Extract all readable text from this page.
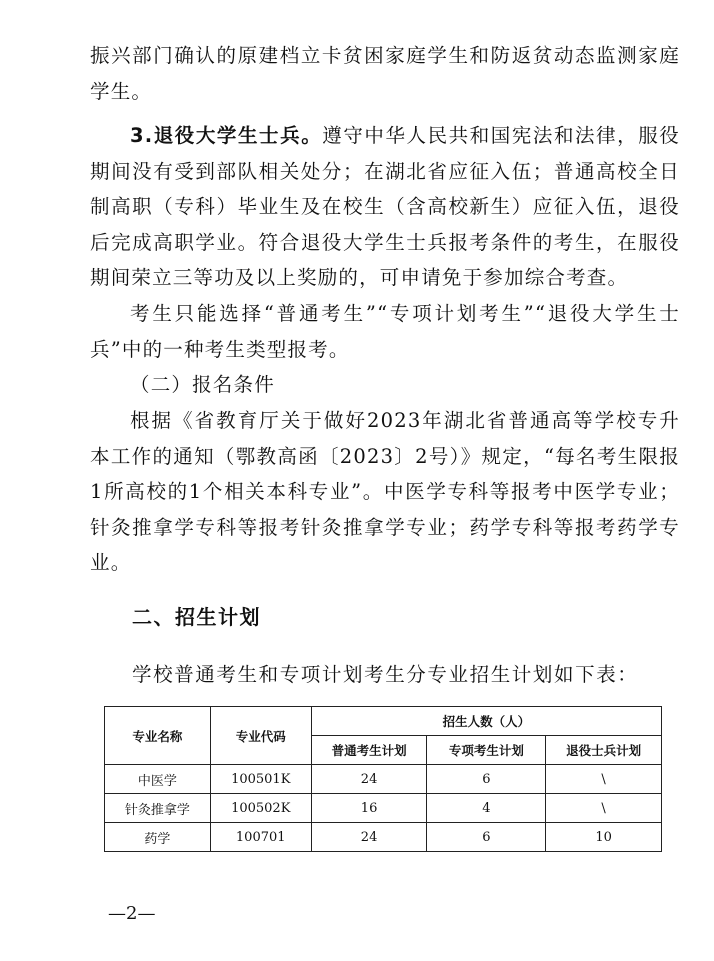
振兴部门确认的原建档立卡贫困家庭学生和防返贫动态监测家庭学生。

3.退役大学生士兵。遵守中华人民共和国宪法和法律，服役期间没有受到部队相关处分；在湖北省应征入伍；普通高校全日制高职（专科）毕业生及在校生（含高校新生）应征入伍，退役后完成高职学业。符合退役大学生士兵报考条件的考生，在服役期间荣立三等功及以上奖励的，可申请免于参加综合考查。

考生只能选择“普通考生”“专项计划考生”“退役大学生士兵”中的一种考生类型报考。

（二）报名条件

根据《省教育厅关于做好2023年湖北省普通高等学校专升本工作的通知（鄂教高函〔2023〕2号）》规定，“每名考生限报1所高校的1个相关本科专业”。中医学专科等报考中医学专业；针灸推拿学专科等报考针灸推拿学专业；药学专科等报考药学专业。

二、招生计划
学校普通考生和专项计划考生分专业招生计划如下表：
专业名称	专业代码	招生人数（人）		
		普通考生计划	专项考生计划	退役士兵计划
中医学	100501K	24	6	\
针灸推拿学	100502K	16	4	\
药学	100701	24	6	10
—2—
